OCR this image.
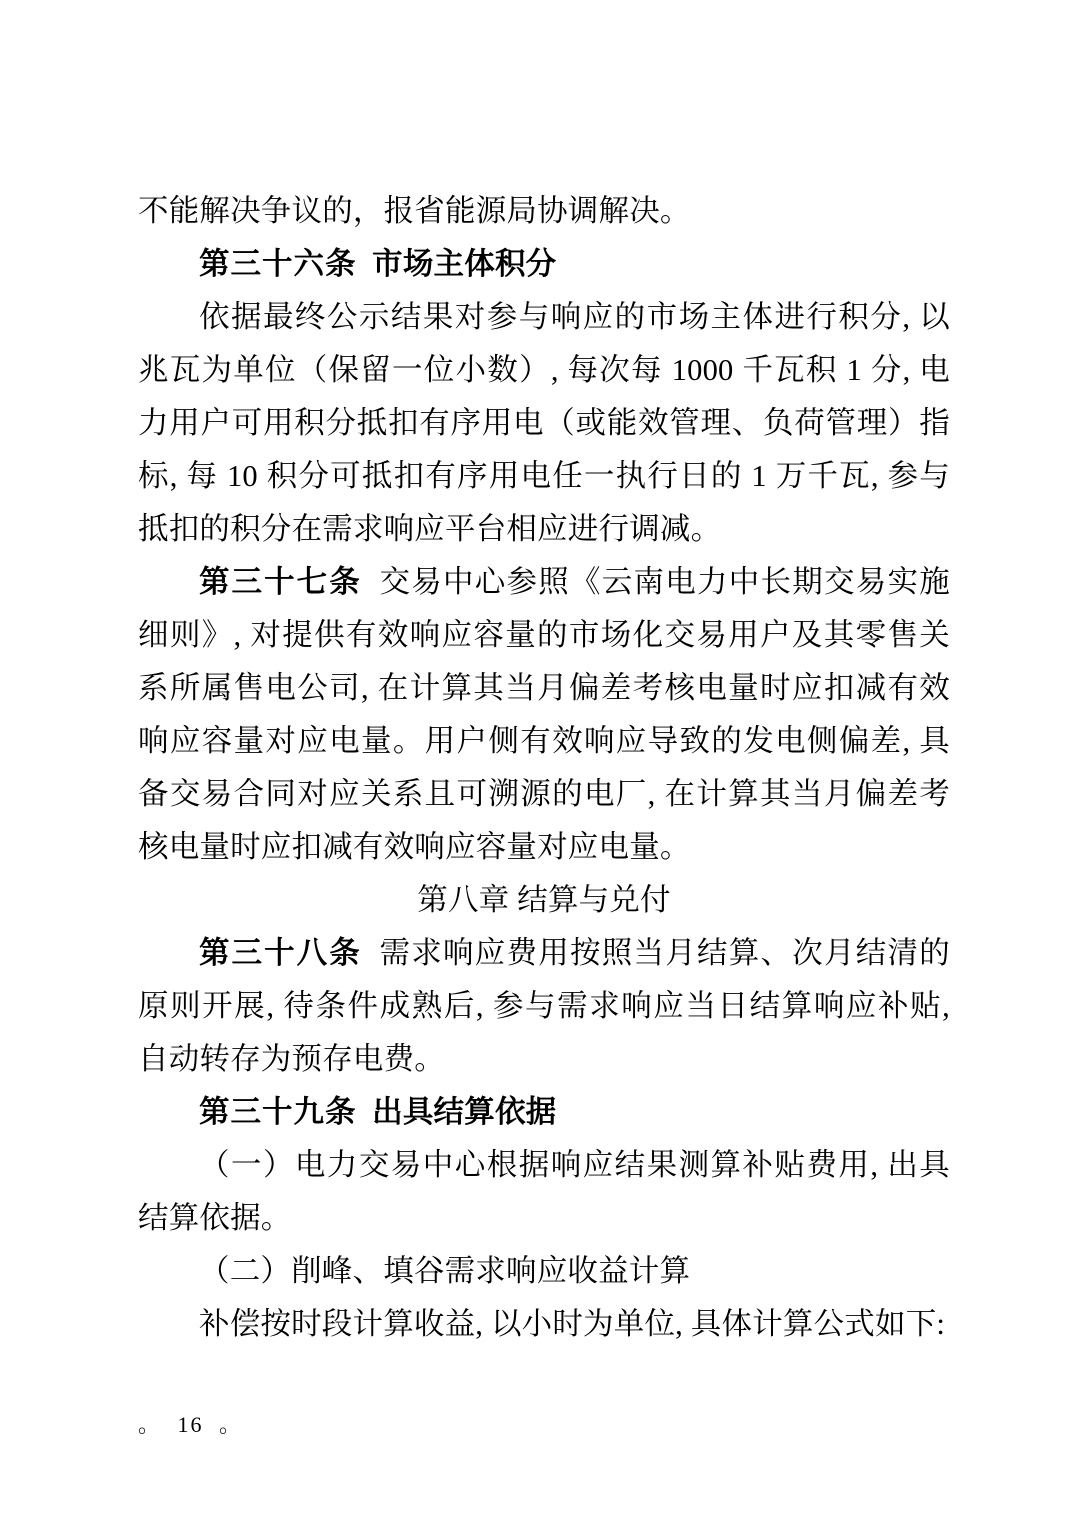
不能解决争议的，报省能源局协调解决。

第三十六条 市场主体积分

依据最终公示结果对参与响应的市场主体进行积分, 以兆瓦为单位（保留一位小数）, 每次每 1000 千瓦积 1 分, 电力用户可用积分抵扣有序用电（或能效管理、负荷管理）指标, 每 10 积分可抵扣有序用电任一执行日的 1 万千瓦, 参与抵扣的积分在需求响应平台相应进行调减。

第三十七条 交易中心参照《云南电力中长期交易实施细则》, 对提供有效响应容量的市场化交易用户及其零售关系所属售电公司, 在计算其当月偏差考核电量时应扣减有效响应容量对应电量。用户侧有效响应导致的发电侧偏差, 具备交易合同对应关系且可溯源的电厂, 在计算其当月偏差考核电量时应扣减有效响应容量对应电量。

第八章 结算与兑付

第三十八条 需求响应费用按照当月结算、次月结清的原则开展, 待条件成熟后, 参与需求响应当日结算响应补贴, 自动转存为预存电费。

第三十九条 出具结算依据

（一）电力交易中心根据响应结果测算补贴费用, 出具结算依据。

（二）削峰、填谷需求响应收益计算

补偿按时段计算收益, 以小时为单位, 具体计算公式如下:

。 16 。
